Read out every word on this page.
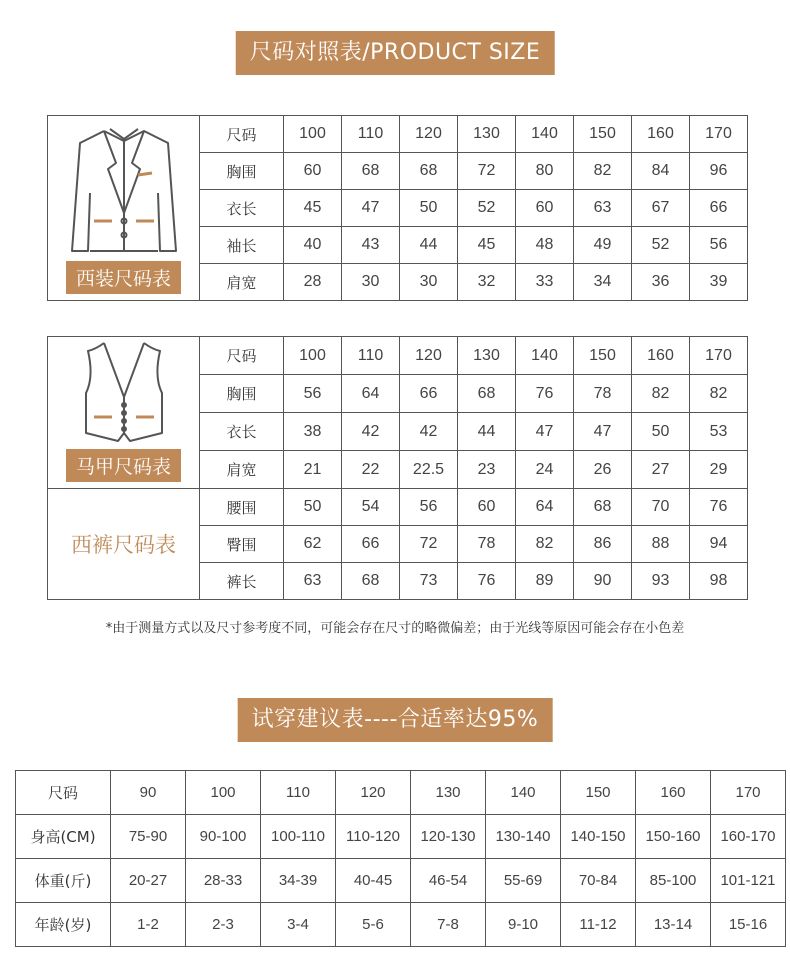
尺码对照表/PRODUCT SIZE
西装尺码表	尺码	100	110	120	130	140	150	160	170
	胸围	60	68	68	72	80	82	84	96
	衣长	45	47	50	52	60	63	67	66
	袖长	40	43	44	45	48	49	52	56
	肩宽	28	30	30	32	33	34	36	39
马甲尺码表	尺码	100	110	120	130	140	150	160	170
	胸围	56	64	66	68	76	78	82	82
	衣长	38	42	42	44	47	47	50	53
	肩宽	21	22	22.5	23	24	26	27	29
西裤尺码表	腰围	50	54	56	60	64	68	70	76
	臀围	62	66	72	78	82	86	88	94
	裤长	63	68	73	76	89	90	93	98
*由于测量方式以及尺寸参考度不同，可能会存在尺寸的略微偏差；由于光线等原因可能会存在小色差
试穿建议表----合适率达95%
尺码	90	100	110	120	130	140	150	160	170
身高(CM)	75-90	90-100	100-110	110-120	120-130	130-140	140-150	150-160	160-170
体重(斤)	20-27	28-33	34-39	40-45	46-54	55-69	70-84	85-100	101-121
年龄(岁)	1-2	2-3	3-4	5-6	7-8	9-10	11-12	13-14	15-16
